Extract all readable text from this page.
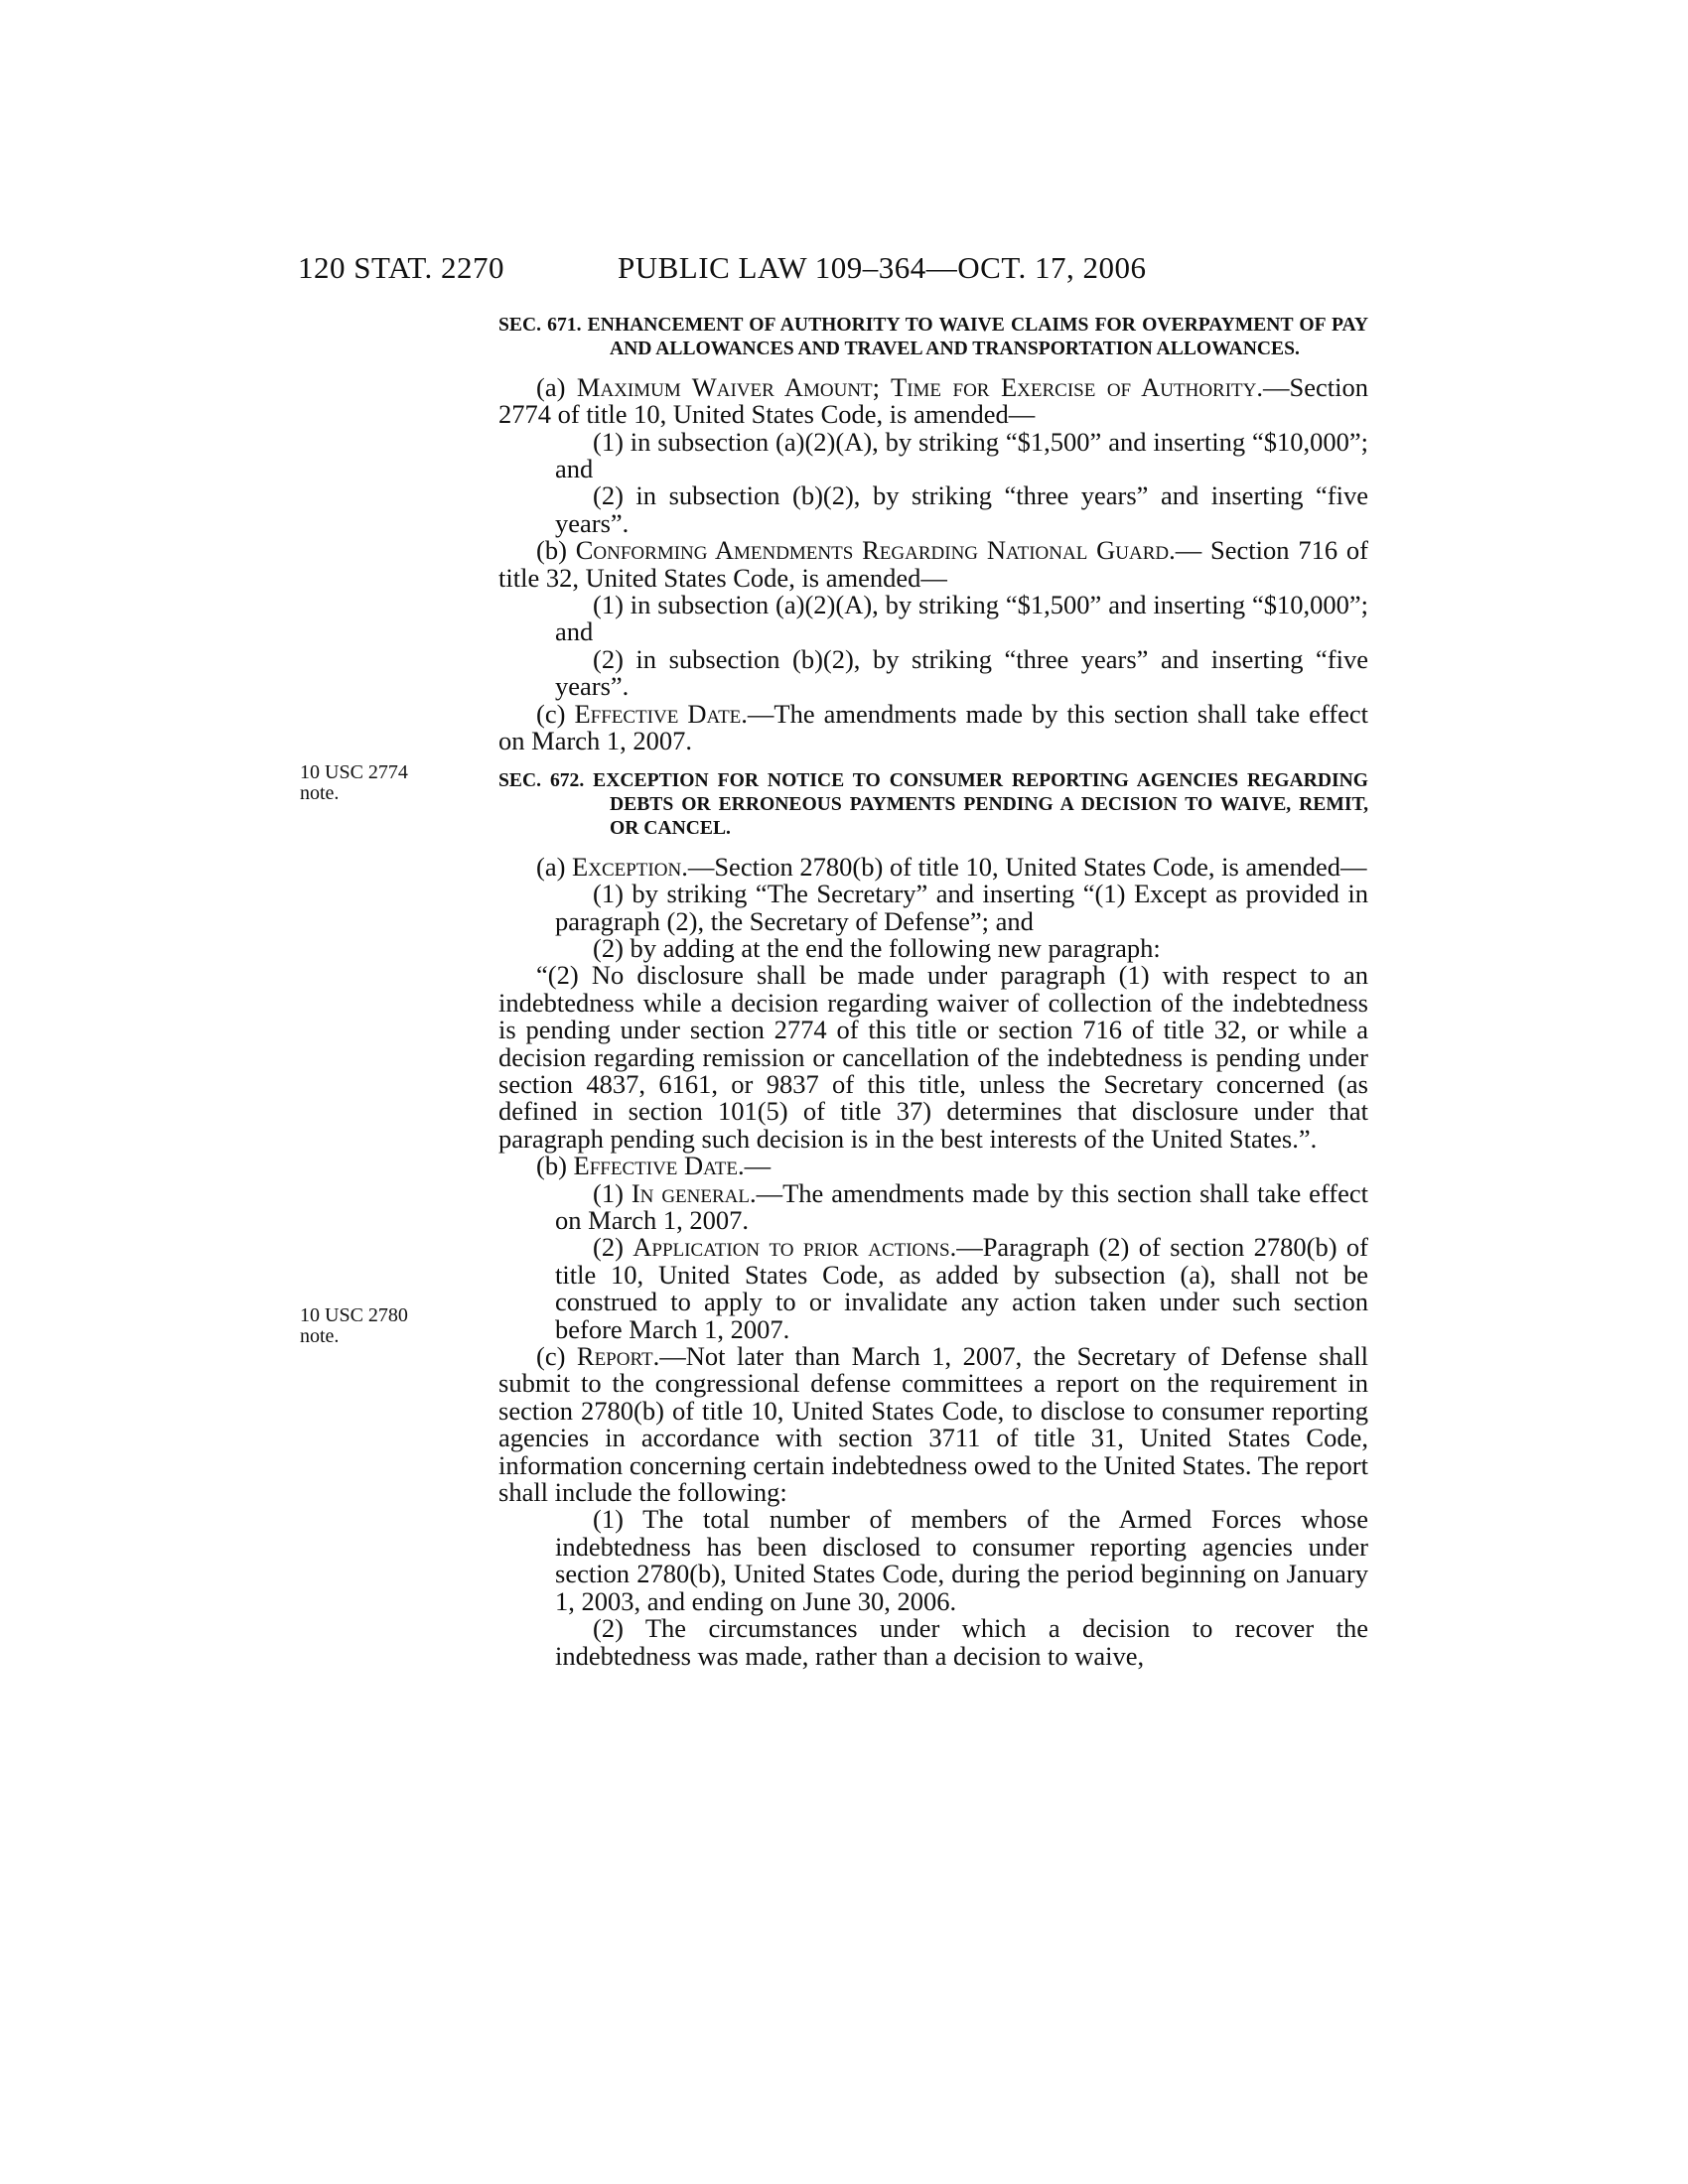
120 STAT. 2270	PUBLIC LAW 109–364—OCT. 17, 2006
10 USC 2774
note.
10 USC 2780
note.

SEC. 671. ENHANCEMENT OF AUTHORITY TO WAIVE CLAIMS FOR OVERPAYMENT OF PAY AND ALLOWANCES AND TRAVEL AND TRANSPORTATION ALLOWANCES.

(a) Maximum Waiver Amount; Time for Exercise of Authority.—Section 2774 of title 10, United States Code, is amended—

(1) in subsection (a)(2)(A), by striking “$1,500” and inserting “$10,000”; and

(2) in subsection (b)(2), by striking “three years” and inserting “five years”.

(b) Conforming Amendments Regarding National Guard.— Section 716 of title 32, United States Code, is amended—

(1) in subsection (a)(2)(A), by striking “$1,500” and inserting “$10,000”; and

(2) in subsection (b)(2), by striking “three years” and inserting “five years”.

(c) Effective Date.—The amendments made by this section shall take effect on March 1, 2007.

SEC. 672. EXCEPTION FOR NOTICE TO CONSUMER REPORTING AGENCIES REGARDING DEBTS OR ERRONEOUS PAYMENTS PENDING A DECISION TO WAIVE, REMIT, OR CANCEL.

(a) Exception.—Section 2780(b) of title 10, United States Code, is amended—

(1) by striking “The Secretary” and inserting “(1) Except as provided in paragraph (2), the Secretary of Defense”; and

(2) by adding at the end the following new paragraph:

“(2) No disclosure shall be made under paragraph (1) with respect to an indebtedness while a decision regarding waiver of collection of the indebtedness is pending under section 2774 of this title or section 716 of title 32, or while a decision regarding remission or cancellation of the indebtedness is pending under section 4837, 6161, or 9837 of this title, unless the Secretary concerned (as defined in section 101(5) of title 37) determines that disclosure under that paragraph pending such decision is in the best interests of the United States.”.

(b) Effective Date.—

(1) In general.—The amendments made by this section shall take effect on March 1, 2007.

(2) Application to prior actions.—Paragraph (2) of section 2780(b) of title 10, United States Code, as added by subsection (a), shall not be construed to apply to or invalidate any action taken under such section before March 1, 2007.

(c) Report.—Not later than March 1, 2007, the Secretary of Defense shall submit to the congressional defense committees a report on the requirement in section 2780(b) of title 10, United States Code, to disclose to consumer reporting agencies in accordance with section 3711 of title 31, United States Code, information concerning certain indebtedness owed to the United States. The report shall include the following:

(1) The total number of members of the Armed Forces whose indebtedness has been disclosed to consumer reporting agencies under section 2780(b), United States Code, during the period beginning on January 1, 2003, and ending on June 30, 2006.

(2) The circumstances under which a decision to recover the indebtedness was made, rather than a decision to waive,
